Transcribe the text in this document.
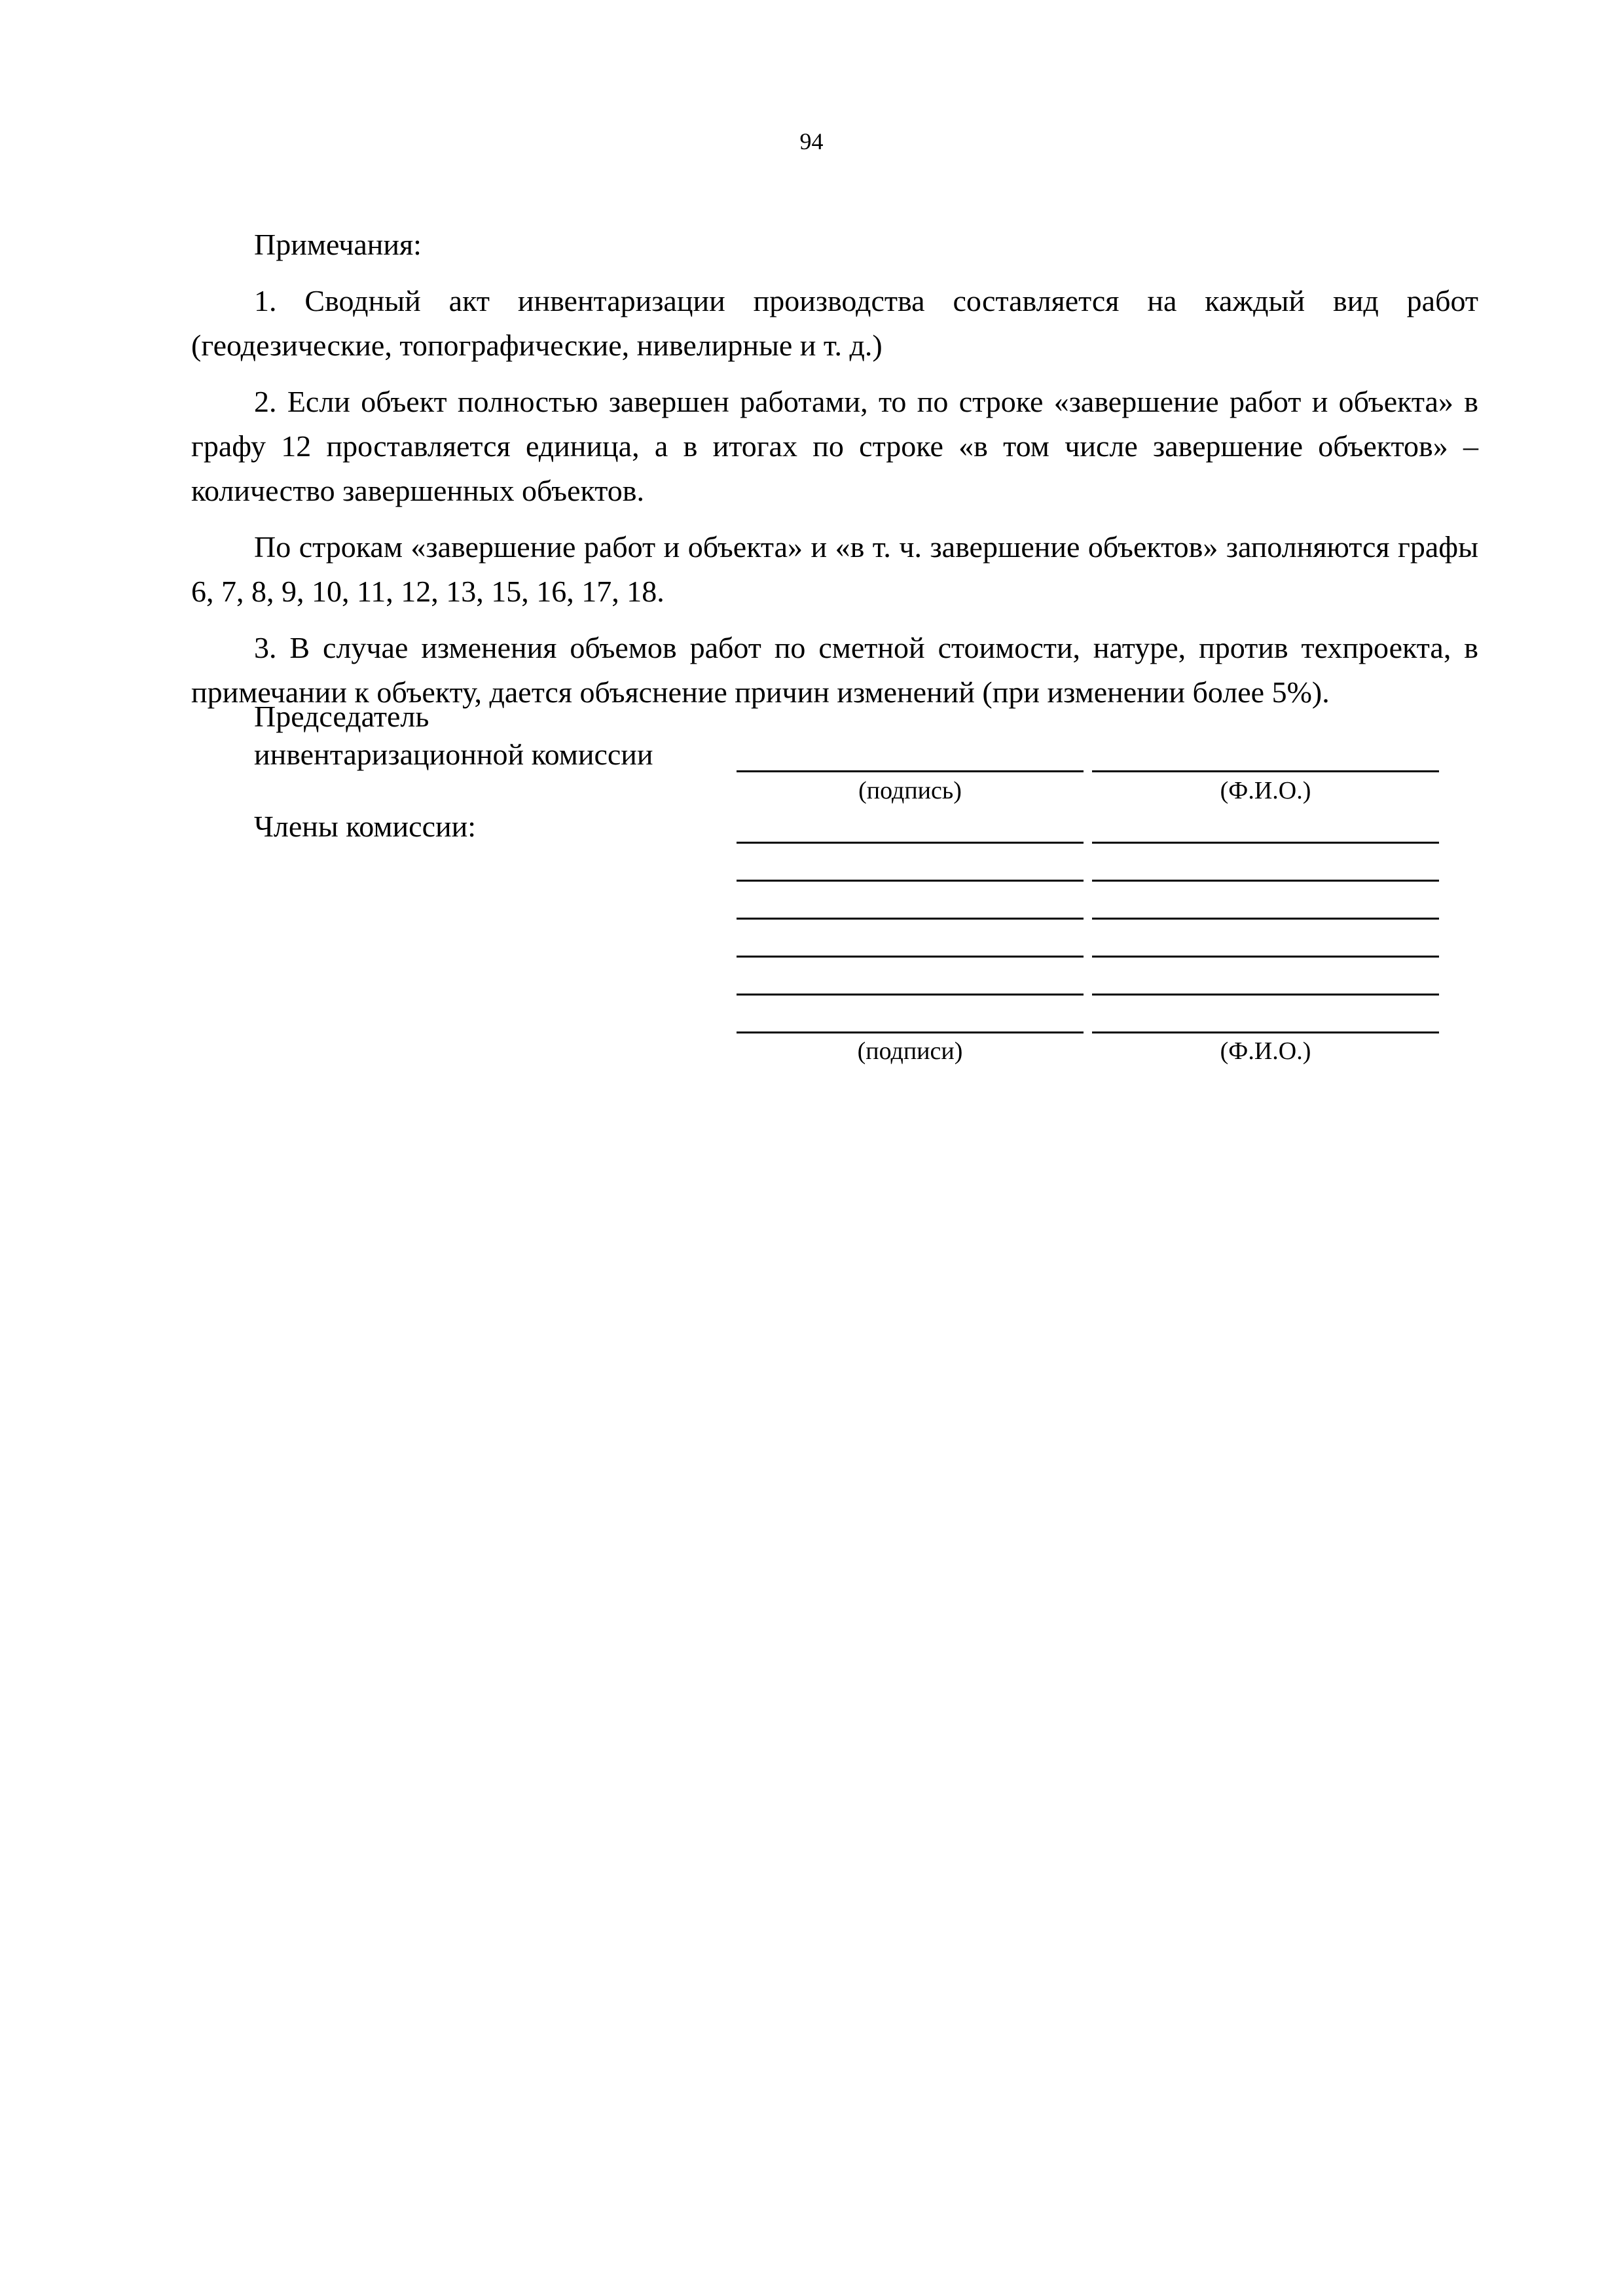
94

Примечания:

1. Сводный акт инвентаризации производства составляется на каждый вид работ (геодезические, топографические, нивелирные и т. д.)

2. Если объект полностью завершен работами, то по строке «завершение работ и объекта» в графу 12 проставляется единица, а в итогах по строке «в том числе завершение объектов» – количество завершенных объектов.

По строкам «завершение работ и объекта» и «в т. ч. завершение объектов» заполняются графы 6, 7, 8, 9, 10, 11, 12, 13, 15, 16, 17, 18.

3. В случае изменения объемов работ по сметной стоимости, натуре, против техпроекта, в примечании к объекту, дается объяснение причин изменений (при изменении более 5%).

Председатель
инвентаризационной комиссии
(подпись)	(Ф.И.О.)
Члены комиссии:
(подписи)	(Ф.И.О.)
